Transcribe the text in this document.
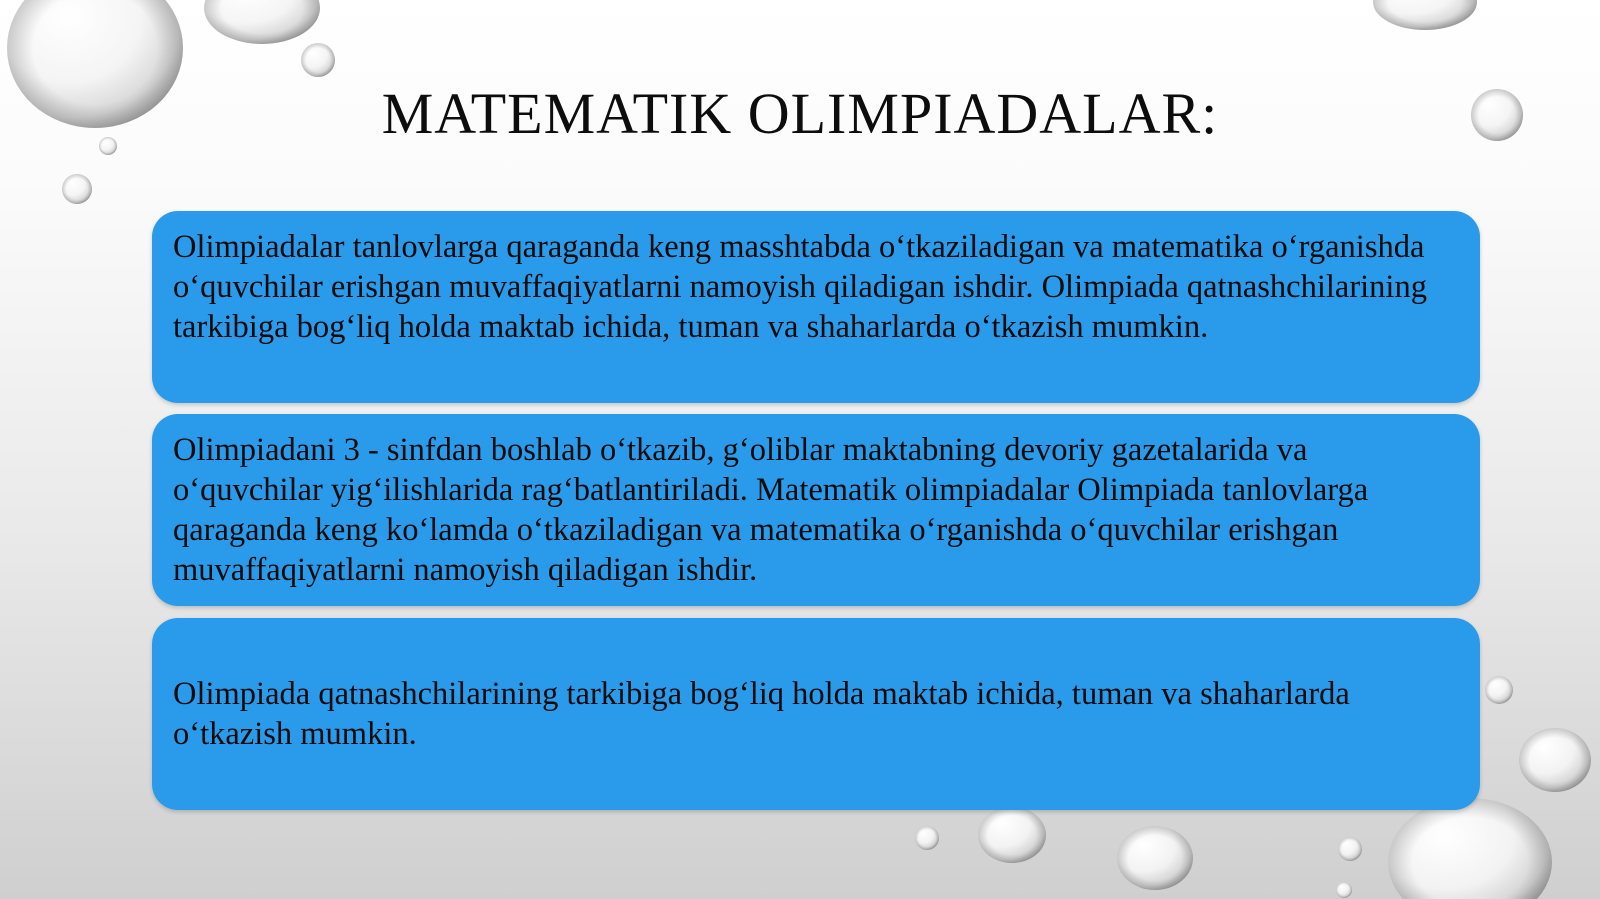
MATEMATIK OLIMPIADALAR:
Olimpiadalar tanlovlarga qaraganda keng masshtabda o‘tkaziladigan va matematika o‘rganishda o‘quvchilar erishgan muvaffaqiyatlarni namoyish qiladigan ishdir. Olimpiada qatnashchilarining tarkibiga bog‘liq holda maktab ichida, tuman va shaharlarda o‘tkazish mumkin.
Olimpiadani 3 - sinfdan boshlab o‘tkazib, g‘oliblar maktabning devoriy gazetalarida va o‘quvchilar yig‘ilishlarida rag‘batlantiriladi. Matematik olimpiadalar Olimpiada tanlovlarga qaraganda keng ko‘lamda o‘tkaziladigan va matematika o‘rganishda o‘quvchilar erishgan muvaffaqiyatlarni namoyish qiladigan ishdir.
Olimpiada qatnashchilarining tarkibiga bog‘liq holda maktab ichida, tuman va shaharlarda o‘tkazish mumkin.
